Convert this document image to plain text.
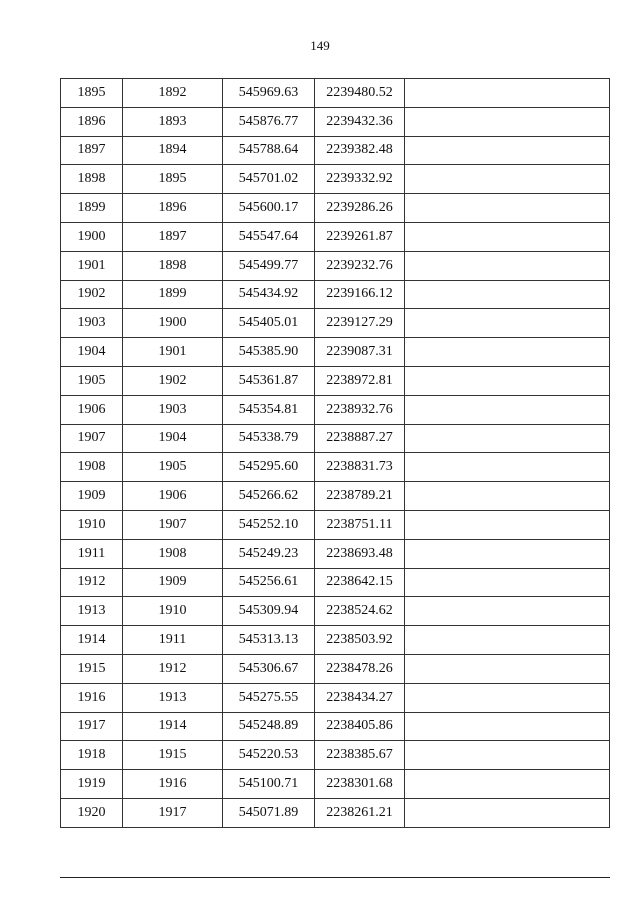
149
1895	1892	545969.63	2239480.52	
1896	1893	545876.77	2239432.36	
1897	1894	545788.64	2239382.48	
1898	1895	545701.02	2239332.92	
1899	1896	545600.17	2239286.26	
1900	1897	545547.64	2239261.87	
1901	1898	545499.77	2239232.76	
1902	1899	545434.92	2239166.12	
1903	1900	545405.01	2239127.29	
1904	1901	545385.90	2239087.31	
1905	1902	545361.87	2238972.81	
1906	1903	545354.81	2238932.76	
1907	1904	545338.79	2238887.27	
1908	1905	545295.60	2238831.73	
1909	1906	545266.62	2238789.21	
1910	1907	545252.10	2238751.11	
1911	1908	545249.23	2238693.48	
1912	1909	545256.61	2238642.15	
1913	1910	545309.94	2238524.62	
1914	1911	545313.13	2238503.92	
1915	1912	545306.67	2238478.26	
1916	1913	545275.55	2238434.27	
1917	1914	545248.89	2238405.86	
1918	1915	545220.53	2238385.67	
1919	1916	545100.71	2238301.68	
1920	1917	545071.89	2238261.21	
